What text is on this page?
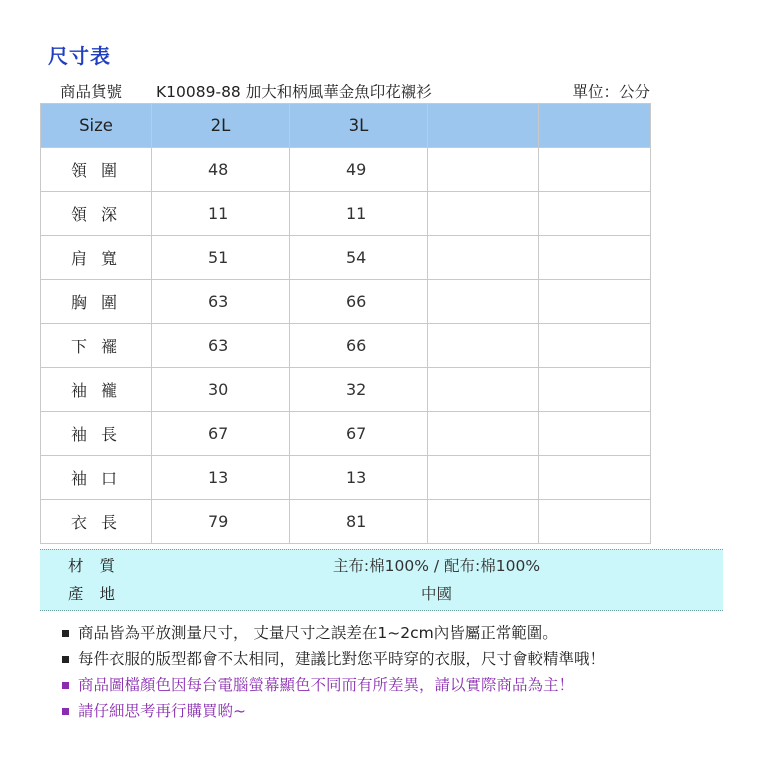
尺寸表
商品貨號 K10089-88 加大和柄風華金魚印花襯衫	單位：公分
Size	2L	3L		
領圍	48	49		
領深	11	11		
肩寬	51	54		
胸圍	63	66		
下襬	63	66		
袖襱	30	32		
袖長	67	67		
袖口	13	13		
衣長	79	81		
材質	主布:棉100% / 配布:棉100%
產地	中國
商品皆為平放測量尺寸， 丈量尺寸之誤差在1~2cm內皆屬正常範圍。
每件衣服的版型都會不太相同，建議比對您平時穿的衣服，尺寸會較精準哦！
商品圖檔顏色因每台電腦螢幕顯色不同而有所差異，請以實際商品為主！
請仔細思考再行購買喲~
